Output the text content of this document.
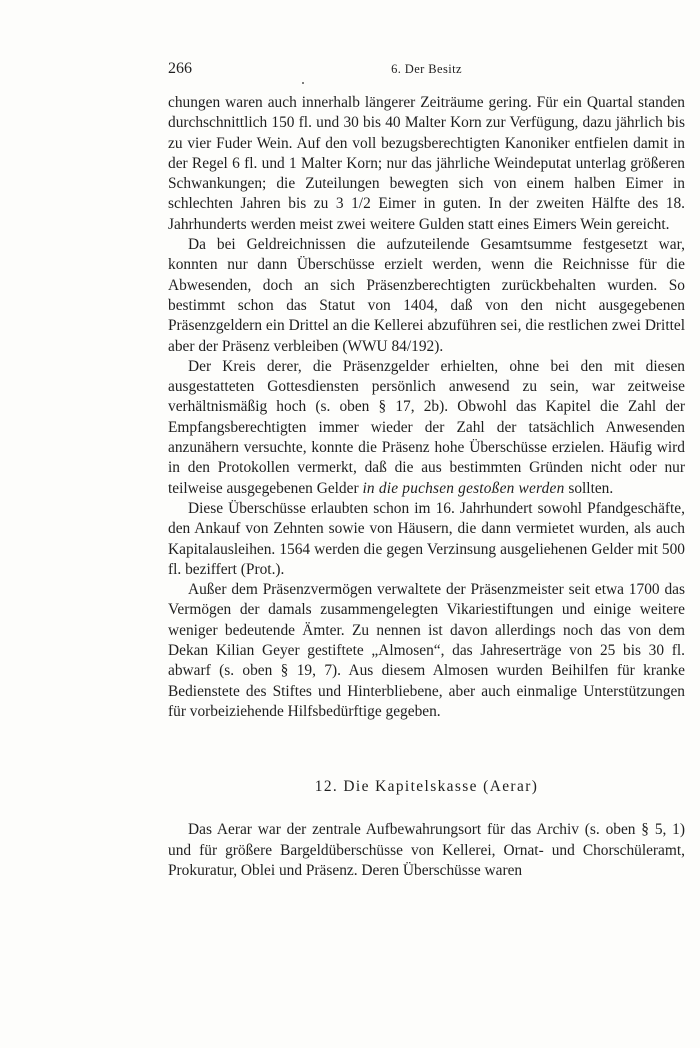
266	6. Der Besitz

chungen waren auch innerhalb längerer Zeiträume gering. Für ein Quartal standen durchschnittlich 150 fl. und 30 bis 40 Malter Korn zur Verfügung, dazu jährlich bis zu vier Fuder Wein. Auf den voll bezugsberechtigten Kanoniker entfielen damit in der Regel 6 fl. und 1 Malter Korn; nur das jährliche Weindeputat unterlag größeren Schwankungen; die Zuteilungen bewegten sich von einem halben Eimer in schlechten Jahren bis zu 3 1/2 Eimer in guten. In der zweiten Hälfte des 18. Jahrhunderts werden meist zwei weitere Gulden statt eines Eimers Wein gereicht.

Da bei Geldreichnissen die aufzuteilende Gesamtsumme festgesetzt war, konnten nur dann Überschüsse erzielt werden, wenn die Reichnisse für die Abwesenden, doch an sich Präsenzberechtigten zurückbehalten wurden. So bestimmt schon das Statut von 1404, daß von den nicht ausgegebenen Präsenzgeldern ein Drittel an die Kellerei abzuführen sei, die restlichen zwei Drittel aber der Präsenz verbleiben (WWU 84/192).

Der Kreis derer, die Präsenzgelder erhielten, ohne bei den mit diesen ausgestatteten Gottesdiensten persönlich anwesend zu sein, war zeitweise verhältnismäßig hoch (s. oben § 17, 2b). Obwohl das Kapitel die Zahl der Empfangsberechtigten immer wieder der Zahl der tatsächlich Anwesenden anzunähern versuchte, konnte die Präsenz hohe Überschüsse erzielen. Häufig wird in den Protokollen vermerkt, daß die aus bestimmten Gründen nicht oder nur teilweise ausgegebenen Gelder in die puchsen gestoßen werden sollten.

Diese Überschüsse erlaubten schon im 16. Jahrhundert sowohl Pfandgeschäfte, den Ankauf von Zehnten sowie von Häusern, die dann vermietet wurden, als auch Kapitalausleihen. 1564 werden die gegen Verzinsung ausgeliehenen Gelder mit 500 fl. beziffert (Prot.).

Außer dem Präsenzvermögen verwaltete der Präsenzmeister seit etwa 1700 das Vermögen der damals zusammengelegten Vikariestiftungen und einige weitere weniger bedeutende Ämter. Zu nennen ist davon allerdings noch das von dem Dekan Kilian Geyer gestiftete „Almosen“, das Jahreserträge von 25 bis 30 fl. abwarf (s. oben § 19, 7). Aus diesem Almosen wurden Beihilfen für kranke Bedienstete des Stiftes und Hinterbliebene, aber auch einmalige Unterstützungen für vorbeiziehende Hilfsbedürftige gegeben.

12. Die Kapitelskasse (Aerar)

Das Aerar war der zentrale Aufbewahrungsort für das Archiv (s. oben § 5, 1) und für größere Bargeldüberschüsse von Kellerei, Ornat- und Chorschüleramt, Prokuratur, Oblei und Präsenz. Deren Überschüsse waren
